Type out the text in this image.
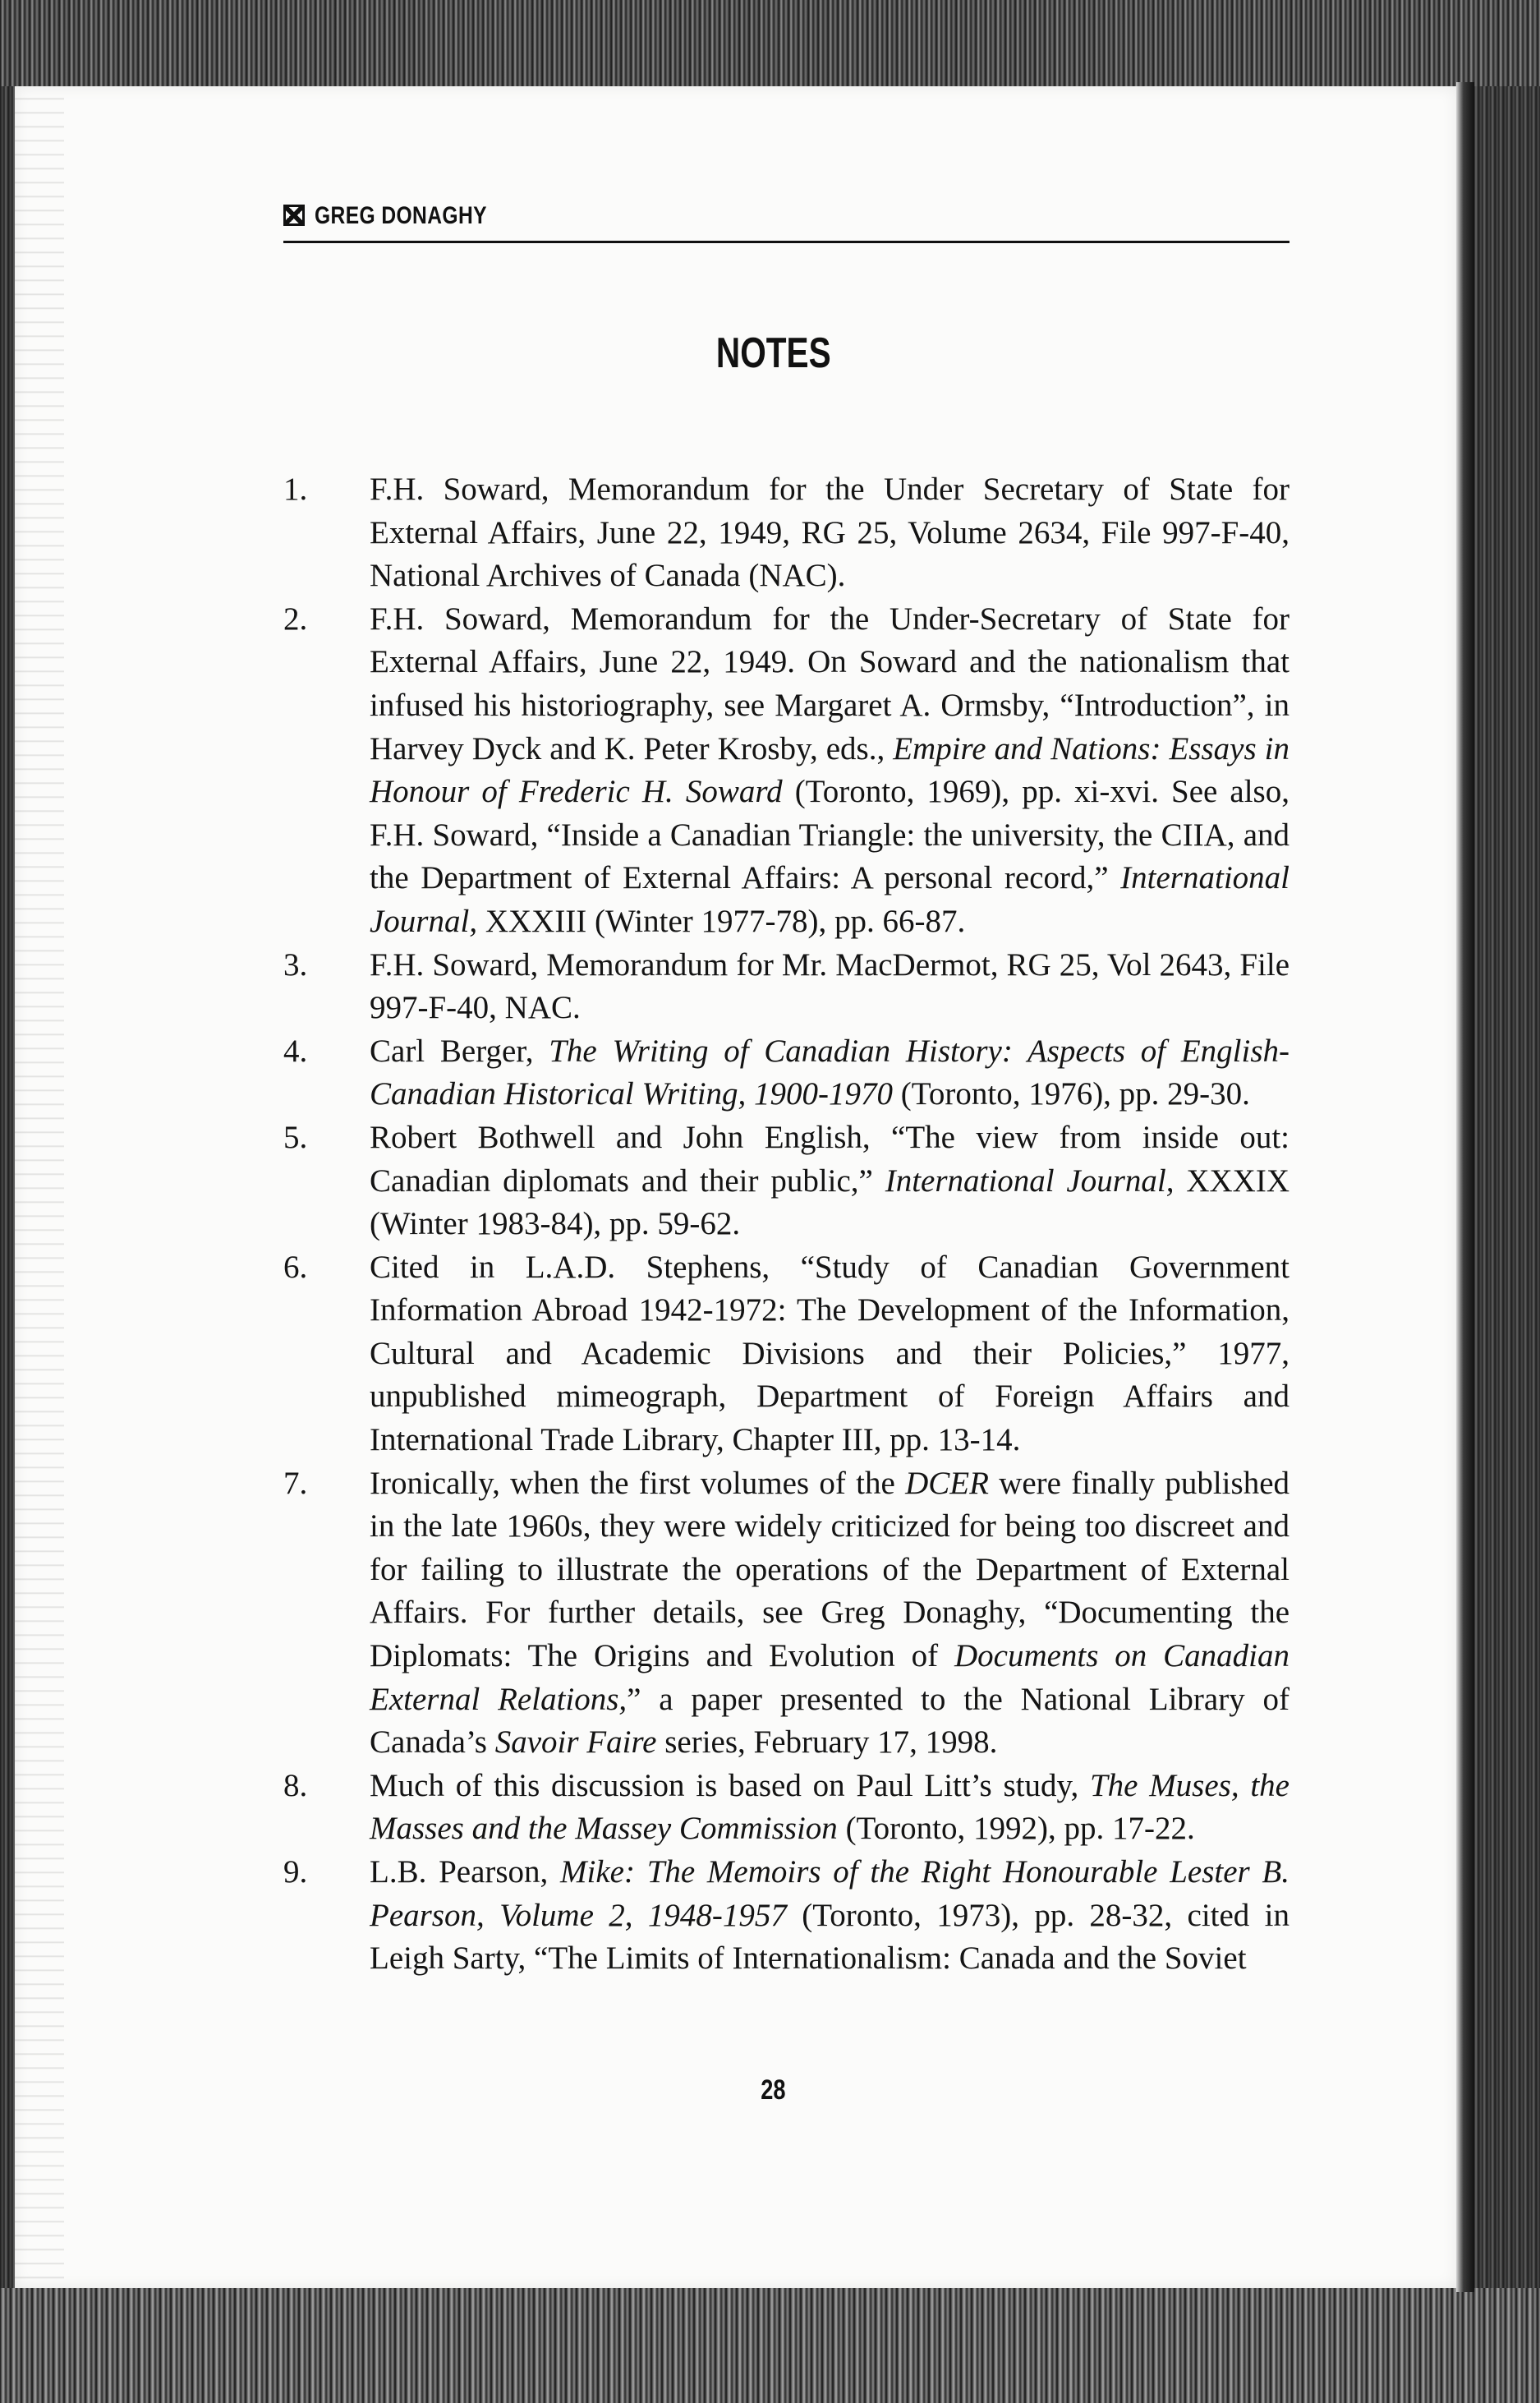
GREG DONAGHY
NOTES
1.	F.H. Soward, Memorandum for the Under Secretary of State for External Affairs, June 22, 1949, RG 25, Volume 2634, File 997-F-40, National Archives of Canada (NAC).
2.	F.H. Soward, Memorandum for the Under-Secretary of State for External Affairs, June 22, 1949. On Soward and the nationalism that infused his historiography, see Margaret A. Ormsby, “Introduction”, in Harvey Dyck and K. Peter Krosby, eds., Empire and Nations: Essays in Honour of Frederic H. Soward (Toronto, 1969), pp. xi-xvi. See also, F.H. Soward, “Inside a Canadian Triangle: the university, the CIIA, and the Department of External Affairs: A personal record,” International Journal, XXXIII (Winter 1977-78), pp. 66-87.
3.	F.H. Soward, Memorandum for Mr. MacDermot, RG 25, Vol 2643, File 997-F-40, NAC.
4.	Carl Berger, The Writing of Canadian History: Aspects of English-Canadian Historical Writing, 1900-1970 (Toronto, 1976), pp. 29-30.
5.	Robert Bothwell and John English, “The view from inside out: Canadian diplomats and their public,” International Journal, XXXIX (Winter 1983-84), pp. 59-62.
6.	Cited in L.A.D. Stephens, “Study of Canadian Government Information Abroad 1942-1972: The Development of the Information, Cultural and Academic Divisions and their Policies,” 1977, unpublished mimeograph, Department of Foreign Affairs and International Trade Library, Chapter III, pp. 13-14.
7.	Ironically, when the first volumes of the DCER were finally published in the late 1960s, they were widely criticized for being too discreet and for failing to illustrate the operations of the Department of External Affairs. For further details, see Greg Donaghy, “Documenting the Diplomats: The Origins and Evolution of Documents on Canadian External Relations,” a paper presented to the National Library of Canada’s Savoir Faire series, February 17, 1998.
8.	Much of this discussion is based on Paul Litt’s study, The Muses, the Masses and the Massey Commission (Toronto, 1992), pp. 17-22.
9.	L.B. Pearson, Mike: The Memoirs of the Right Honourable Lester B. Pearson, Volume 2, 1948-1957 (Toronto, 1973), pp. 28-32, cited in Leigh Sarty, “The Limits of Internationalism: Canada and the Soviet
28
